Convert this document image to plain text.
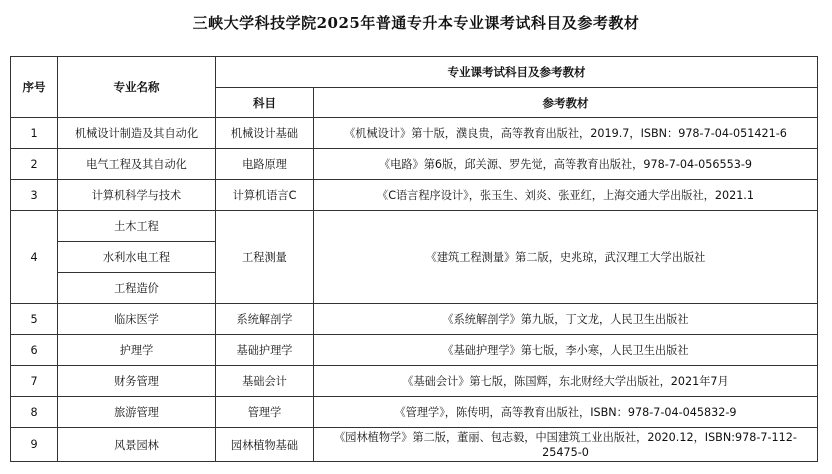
三峡大学科技学院2025年普通专升本专业课考试科目及参考教材
序号	专业名称	专业课考试科目及参考教材	
		科目	参考教材
1	机械设计制造及其自动化	机械设计基础	《机械设计》第十版，濮良贵，高等教育出版社，2019.7，ISBN：978-7-04-051421-6
2	电气工程及其自动化	电路原理	《电路》第6版，邱关源、罗先觉，高等教育出版社，978-7-04-056553-9
3	计算机科学与技术	计算机语言C	《C语言程序设计》，张玉生、刘炎、张亚红，上海交通大学出版社，2021.1
4	土木工程	工程测量	《建筑工程测量》第二版，史兆琼，武汉理工大学出版社
	水利水电工程		
	工程造价		
5	临床医学	系统解剖学	《系统解剖学》第九版，丁文龙，人民卫生出版社
6	护理学	基础护理学	《基础护理学》第七版，李小寒，人民卫生出版社
7	财务管理	基础会计	《基础会计》第七版，陈国辉，东北财经大学出版社，2021年7月
8	旅游管理	管理学	《管理学》，陈传明，高等教育出版社，ISBN：978-7-04-045832-9
9	风景园林	园林植物基础	《园林植物学》第二版，董丽、包志毅，中国建筑工业出版社，2020.12，ISBN:978-7-112-25475-0
